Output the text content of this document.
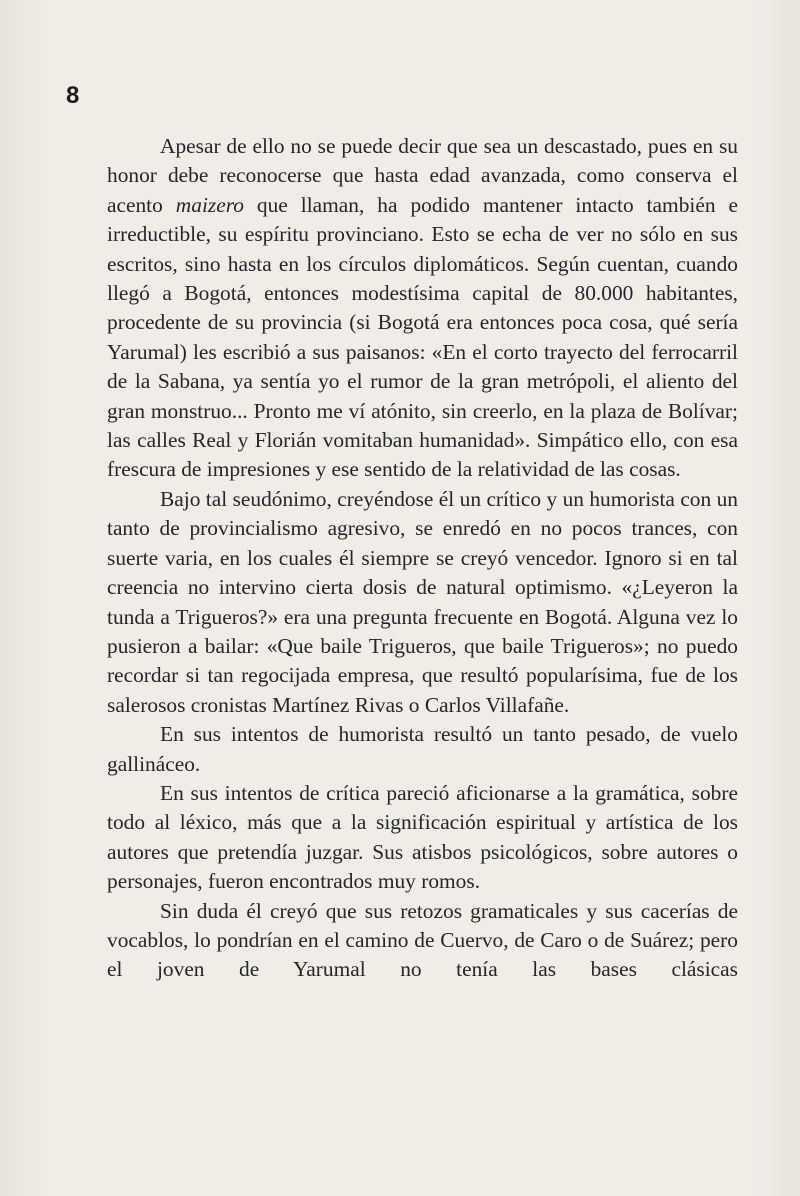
8

Apesar de ello no se puede decir que sea un descastado, pues en su honor debe reconocerse que hasta edad avanzada, como conserva el acento maizero que llaman, ha podido mantener intacto también e irreductible, su espíritu provinciano. Esto se echa de ver no sólo en sus escritos, sino hasta en los círculos diplomáticos. Según cuentan, cuando llegó a Bogotá, entonces modestísima capital de 80.000 habitantes, procedente de su provincia (si Bogotá era entonces poca cosa, qué sería Yarumal) les escribió a sus paisanos: «En el corto trayecto del ferrocarril de la Sabana, ya sentía yo el rumor de la gran metrópoli, el aliento del gran monstruo... Pronto me ví atónito, sin creerlo, en la plaza de Bolívar; las calles Real y Florián vomitaban humanidad». Simpático ello, con esa frescura de impresiones y ese sentido de la relatividad de las cosas.

Bajo tal seudónimo, creyéndose él un crítico y un humorista con un tanto de provincialismo agresivo, se enredó en no pocos trances, con suerte varia, en los cuales él siempre se creyó vencedor. Ignoro si en tal creencia no intervino cierta dosis de natural optimismo. «¿Leyeron la tunda a Trigueros?» era una pregunta frecuente en Bogotá. Alguna vez lo pusieron a bailar: «Que baile Trigueros, que baile Trigueros»; no puedo recordar si tan regocijada empresa, que resultó popularísima, fue de los salerosos cronistas Martínez Rivas o Carlos Villafañe.

En sus intentos de humorista resultó un tanto pesado, de vuelo gallináceo.

En sus intentos de crítica pareció aficionarse a la gramática, sobre todo al léxico, más que a la significación espiritual y artística de los autores que pretendía juzgar. Sus atisbos psicológicos, sobre autores o personajes, fueron encontrados muy romos.

Sin duda él creyó que sus retozos gramaticales y sus cacerías de vocablos, lo pondrían en el camino de Cuervo, de Caro o de Suárez; pero el joven de Yarumal no tenía las bases clásicas
